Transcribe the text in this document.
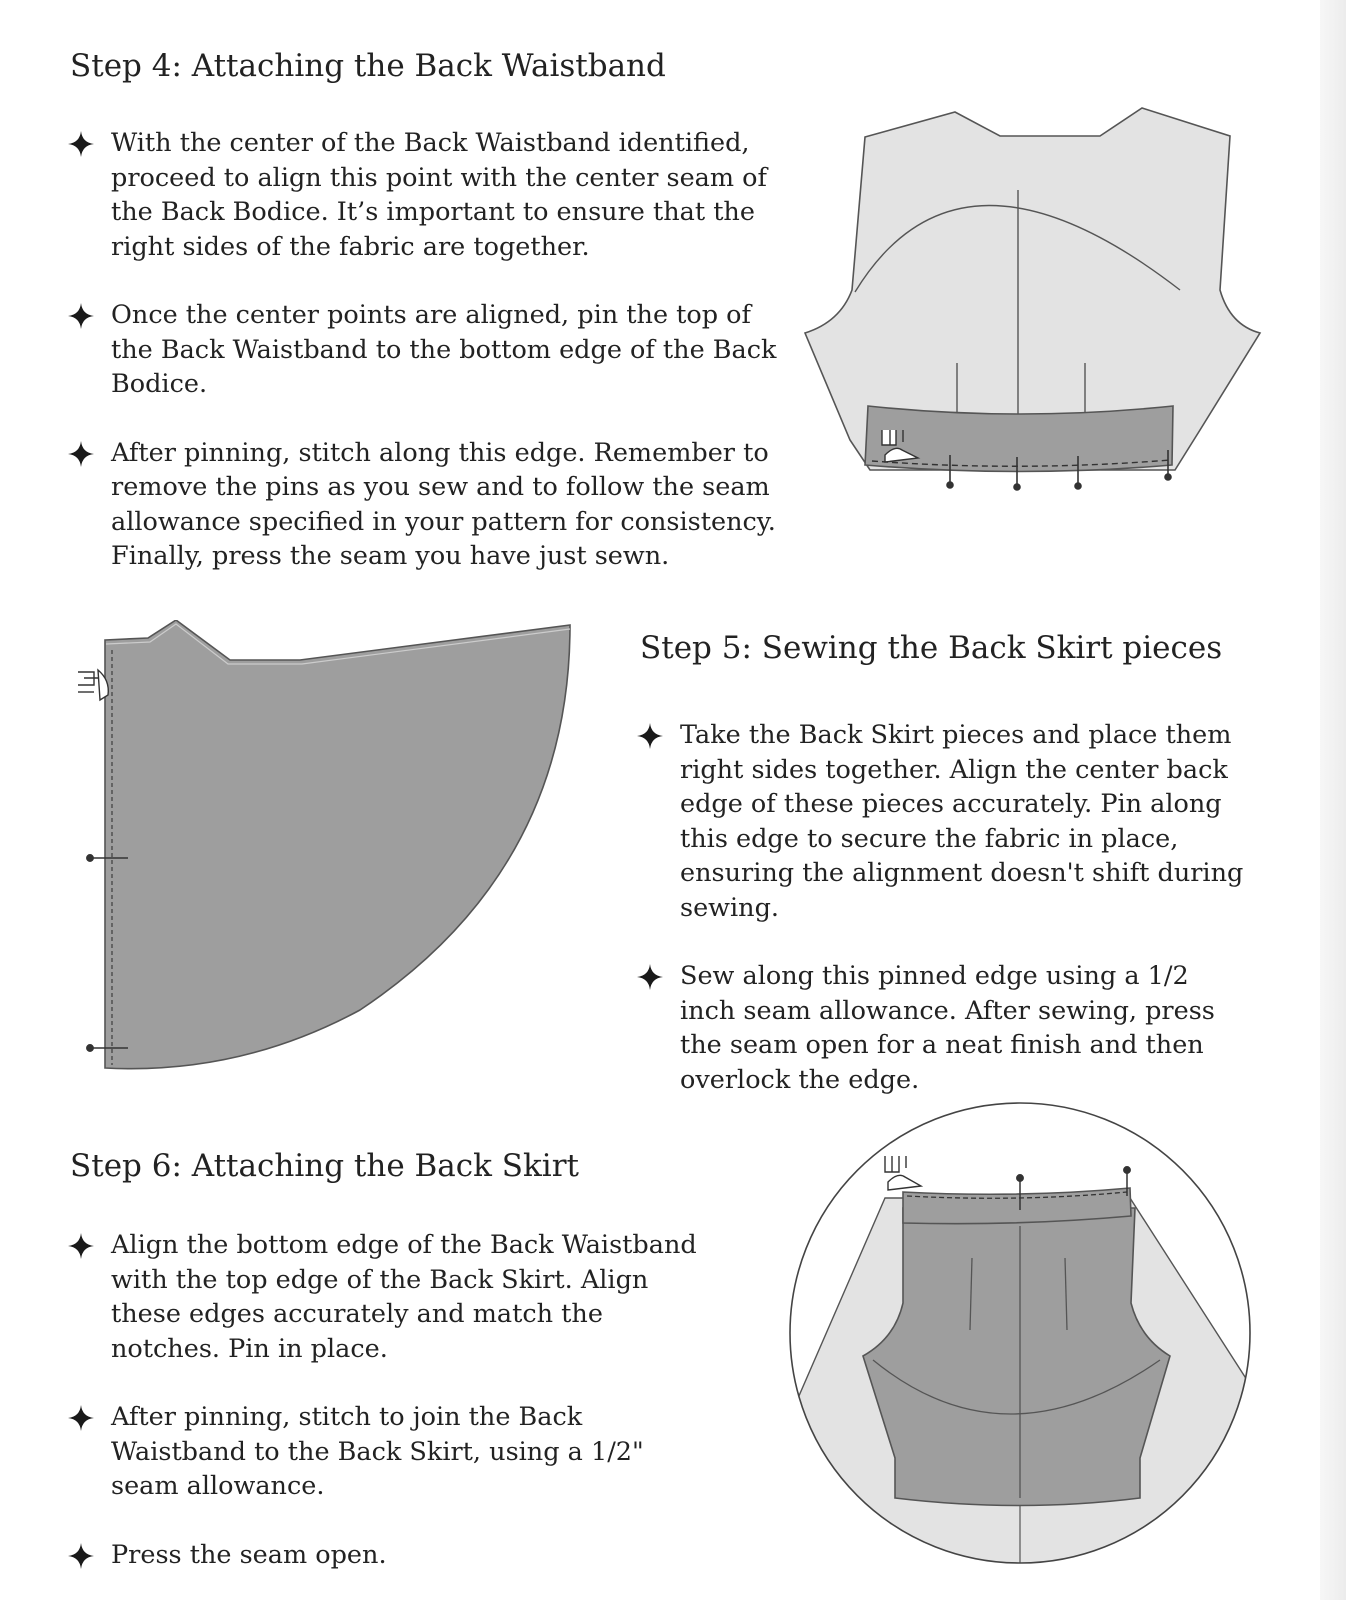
Step 4: Attaching the Back Waistband
With the center of the Back Waistband identified, proceed to align this point with the center seam of the Back Bodice. It’s important to ensure that the right sides of the fabric are together.
Once the center points are aligned, pin the top of the Back Waistband to the bottom edge of the Back Bodice.
After pinning, stitch along this edge. Remember to remove the pins as you sew and to follow the seam allowance specified in your pattern for consistency. Finally, press the seam you have just sewn.
Step 5: Sewing the Back Skirt pieces
Take the Back Skirt pieces and place them right sides together. Align the center back edge of these pieces accurately. Pin along this edge to secure the fabric in place, ensuring the alignment doesn't shift during sewing.
Sew along this pinned edge using a 1/2 inch seam allowance. After sewing, press the seam open for a neat finish and then overlock the edge.
Step 6: Attaching the Back Skirt
Align the bottom edge of the Back Waistband with the top edge of the Back Skirt. Align these edges accurately and match the notches. Pin in place.
After pinning, stitch to join the Back Waistband to the Back Skirt, using a 1/2" seam allowance.
Press the seam open.
